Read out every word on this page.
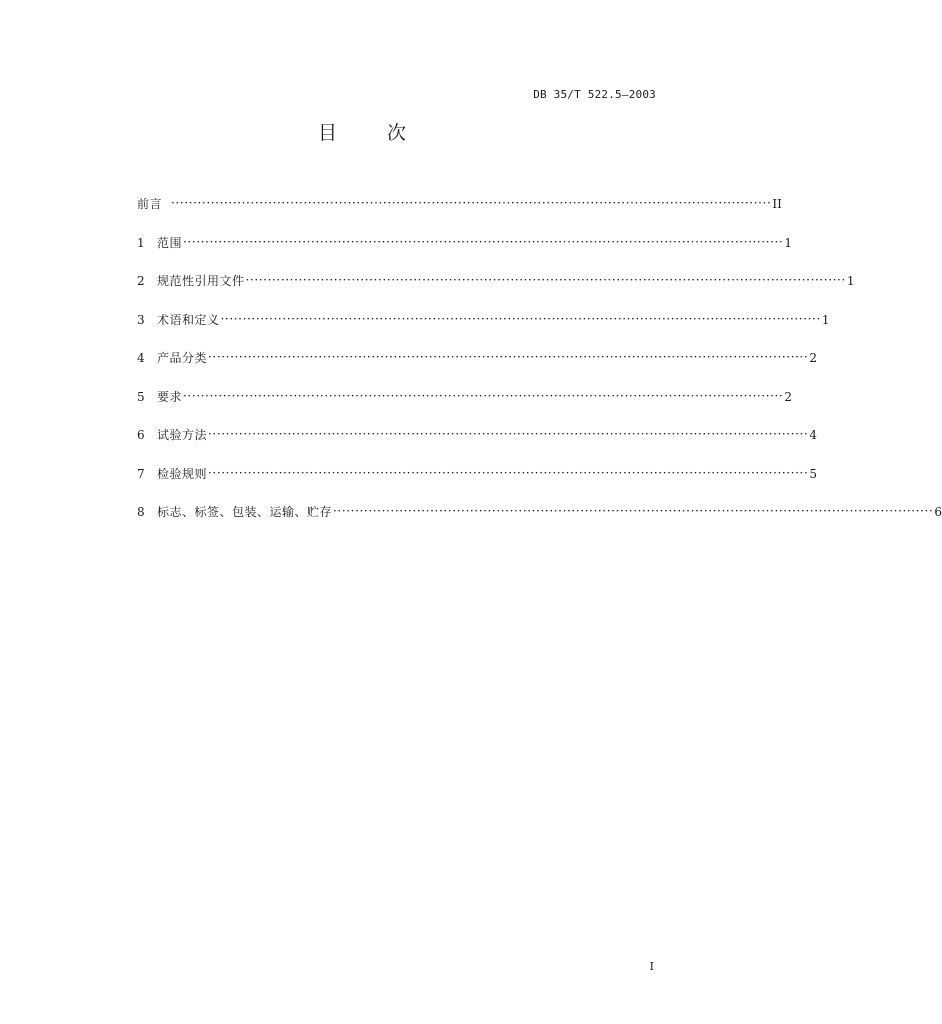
DB 35/T 522.5—2003
目 次
前言 ········································································································································ II
1	范围 ········································································································································ 1
2	规范性引用文件 ········································································································································ 1
3	术语和定义 ········································································································································ 1
4	产品分类 ········································································································································ 2
5	要求 ········································································································································ 2
6	试验方法 ········································································································································ 4
7	检验规则 ········································································································································ 5
8	标志、标签、包装、运输、贮存 ········································································································································ 6
I
